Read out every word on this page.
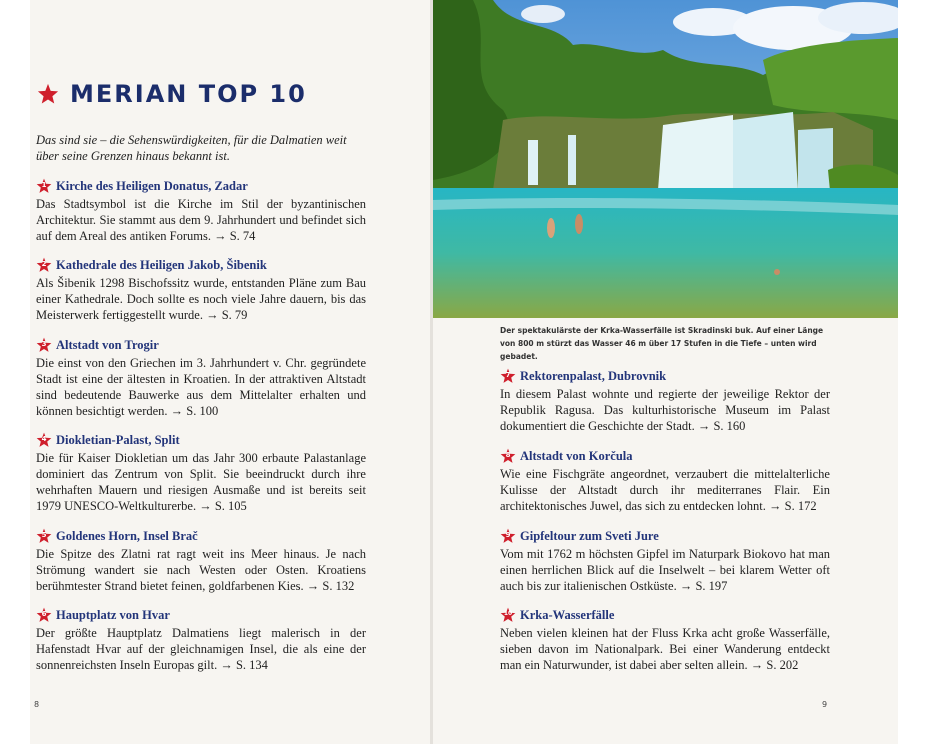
MERIAN TOP 10
Das sind sie – die Sehenswürdigkeiten, für die Dalmatien weit über seine Grenzen hinaus bekannt ist.
1 Kirche des Heiligen Donatus, Zadar
Das Stadtsymbol ist die Kirche im Stil der byzantinischen Architektur. Sie stammt aus dem 9. Jahrhundert und befindet sich auf dem Areal des antiken Forums. → S. 74
2 Kathedrale des Heiligen Jakob, Šibenik
Als Šibenik 1298 Bischofssitz wurde, entstanden Pläne zum Bau einer Kathedrale. Doch sollte es noch viele Jahre dauern, bis das Meisterwerk fertiggestellt wurde. → S. 79
3 Altstadt von Trogir
Die einst von den Griechen im 3. Jahrhundert v. Chr. gegründete Stadt ist eine der ältesten in Kroatien. In der attraktiven Altstadt sind bedeutende Bauwerke aus dem Mittelalter erhalten und können besichtigt werden. → S. 100
4 Diokletian-Palast, Split
Die für Kaiser Diokletian um das Jahr 300 erbaute Palastanlage dominiert das Zentrum von Split. Sie beeindruckt durch ihre wehrhaften Mauern und riesigen Ausmaße und ist bereits seit 1979 UNESCO-Weltkulturerbe. → S. 105
5 Goldenes Horn, Insel Brač
Die Spitze des Zlatni rat ragt weit ins Meer hinaus. Je nach Strömung wandert sie nach Westen oder Osten. Kroatiens berühmtester Strand bietet feinen, goldfarbenen Kies. → S. 132
6 Hauptplatz von Hvar
Der größte Hauptplatz Dalmatiens liegt malerisch in der Hafenstadt Hvar auf der gleichnamigen Insel, die als eine der sonnenreichsten Inseln Europas gilt. → S. 134
8
Der spektakulärste der Krka-Wasserfälle ist Skradinski buk. Auf einer Länge von 800 m stürzt das Wasser 46 m über 17 Stufen in die Tiefe – unten wird gebadet.
7 Rektorenpalast, Dubrovnik
In diesem Palast wohnte und regierte der jeweilige Rektor der Republik Ragusa. Das kulturhistorische Museum im Palast dokumentiert die Geschichte der Stadt. → S. 160
8 Altstadt von Korčula
Wie eine Fischgräte angeordnet, verzaubert die mittelalterliche Kulisse der Altstadt durch ihr mediterranes Flair. Ein architektonisches Juwel, das sich zu entdecken lohnt. → S. 172
9 Gipfeltour zum Sveti Jure
Vom mit 1762 m höchsten Gipfel im Naturpark Biokovo hat man einen herrlichen Blick auf die Inselwelt – bei klarem Wetter oft auch bis zur italienischen Ostküste. → S. 197
10 Krka-Wasserfälle
Neben vielen kleinen hat der Fluss Krka acht große Wasserfälle, sieben davon im Nationalpark. Bei einer Wanderung entdeckt man ein Naturwunder, ist dabei aber selten allein. → S. 202
9
